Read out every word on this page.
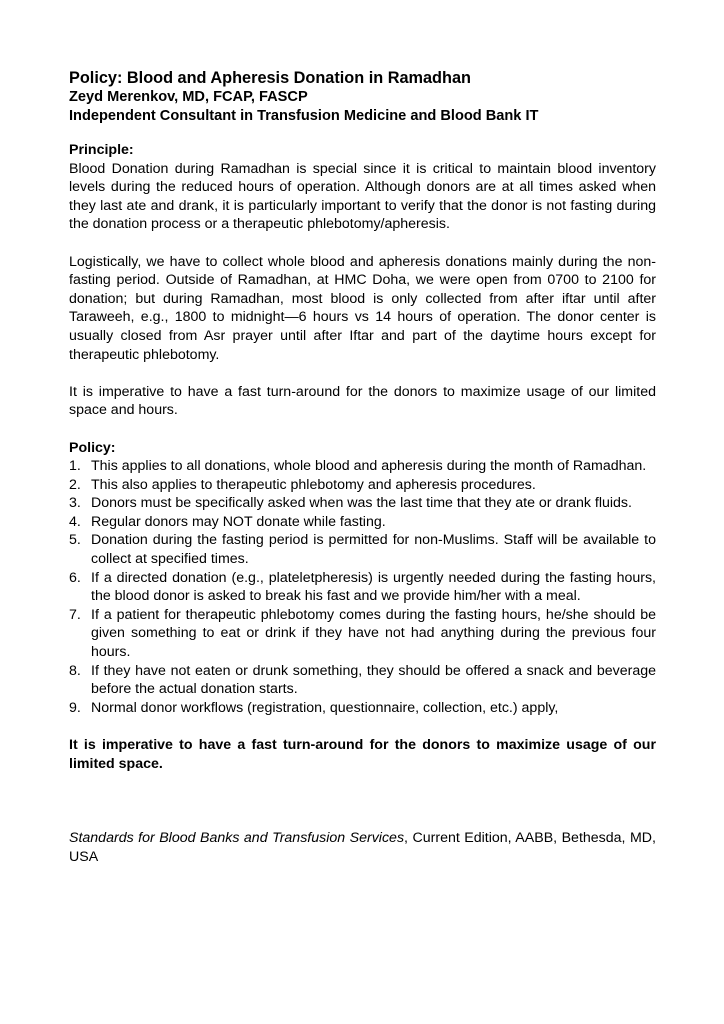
Policy: Blood and Apheresis Donation in Ramadhan
Zeyd Merenkov, MD, FCAP, FASCP
Independent Consultant in Transfusion Medicine and Blood Bank IT
Principle:

Blood Donation during Ramadhan is special since it is critical to maintain blood inventory levels during the reduced hours of operation. Although donors are at all times asked when they last ate and drank, it is particularly important to verify that the donor is not fasting during the donation process or a therapeutic phlebotomy/apheresis.

Logistically, we have to collect whole blood and apheresis donations mainly during the non-fasting period. Outside of Ramadhan, at HMC Doha, we were open from 0700 to 2100 for donation; but during Ramadhan, most blood is only collected from after iftar until after Taraweeh, e.g., 1800 to midnight—6 hours vs 14 hours of operation. The donor center is usually closed from Asr prayer until after Iftar and part of the daytime hours except for therapeutic phlebotomy.

It is imperative to have a fast turn-around for the donors to maximize usage of our limited space and hours.

Policy:
1. This applies to all donations, whole blood and apheresis during the month of Ramadhan.
2. This also applies to therapeutic phlebotomy and apheresis procedures.
3. Donors must be specifically asked when was the last time that they ate or drank fluids.
4. Regular donors may NOT donate while fasting.
5. Donation during the fasting period is permitted for non-Muslims. Staff will be available to collect at specified times.
6. If a directed donation (e.g., plateletpheresis) is urgently needed during the fasting hours, the blood donor is asked to break his fast and we provide him/her with a meal.
7. If a patient for therapeutic phlebotomy comes during the fasting hours, he/she should be given something to eat or drink if they have not had anything during the previous four hours.
8. If they have not eaten or drunk something, they should be offered a snack and beverage before the actual donation starts.
9. Normal donor workflows (registration, questionnaire, collection, etc.) apply,

It is imperative to have a fast turn-around for the donors to maximize usage of our limited space.

Standards for Blood Banks and Transfusion Services, Current Edition, AABB, Bethesda, MD, USA
